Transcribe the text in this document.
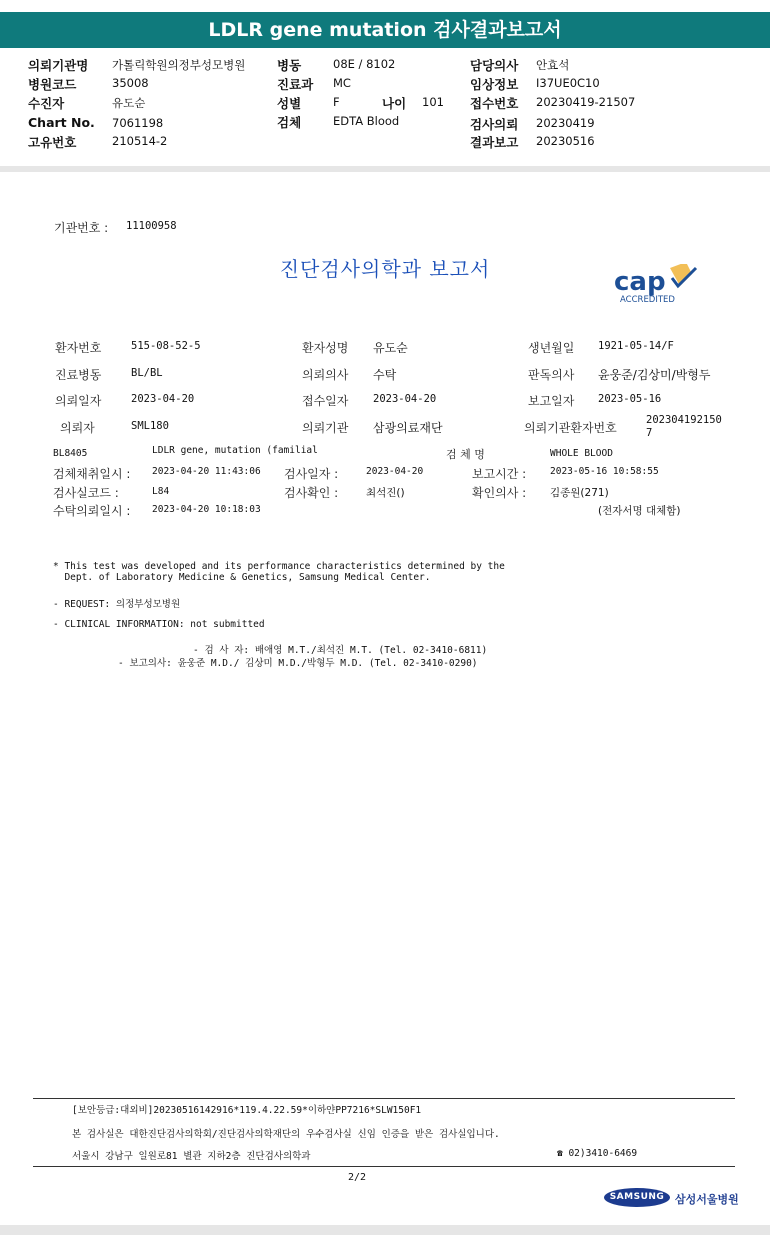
LDLR gene mutation 검사결과보고서
의뢰기관명 가톨릭학원의정부성모병원	병동	08E / 8102	담당의사 안효석
병원코드	35008	진료과 MC	임상정보 I37UE0C10
수진자	유도순	성별	F	나이 101 접수번호 20230419-21507
Chart No. 7061198	검체	EDTA Blood	검사의뢰 20230419
고유번호	210514-2	결과보고 20230516
기관번호 : 11100958
진단검사의학과 보고서	cap
ACCREDITED
환자번호	515-08-52-5	환자성명 유도순	생년월일 1921-05-14/F
진료병동	BL/BL	의뢰의사 수탁	판독의사 윤웅준/김상미/박형두
의뢰일자	2023-04-20	접수일자 2023-04-20	보고일자 2023-05-16
의뢰자	SML180	의뢰기관 삼광의료재단	의뢰기관환자번호
202304192150
7
BL8405	LDLR gene, mutation (familial	검 체 명	WHOLE BLOOD
검체채취일시 : 2023-04-20 11:43:06 검사일자 :	2023-04-20	보고시간 :	2023-05-16 10:58:55
검사실코드 :	L84	검사확인 :	최석진()	확인의사 : 김종원(271)
수탁의뢰일시 : 2023-04-20 10:18:03	(전자서명 대체함)
* This test was developed and its performance characteristics determined by the
Dept. of Laboratory Medicine & Genetics, Samsung Medical Center.
- REQUEST: 의정부성모병원
- CLINICAL INFORMATION: not submitted
- 검 사 자: 배애영 M.T./최석진 M.T. (Tel. 02-3410-6811)
- 보고의사: 윤웅준 M.D./ 김상미 M.D./박형두 M.D. (Tel. 02-3410-0290)
[보안등급:대외비]20230516142916*119.4.22.59*이하얀PP7216*SLW150F1
본 검사실은 대한진단검사의학회/진단검사의학재단의 우수검사실 신임 인증을 받은 검사실입니다.
서울시 강남구 일원로81 별관 지하2층 진단검사의학과	☎ 02)3410-6469
2/2
SAMSUNG 삼성서울병원
